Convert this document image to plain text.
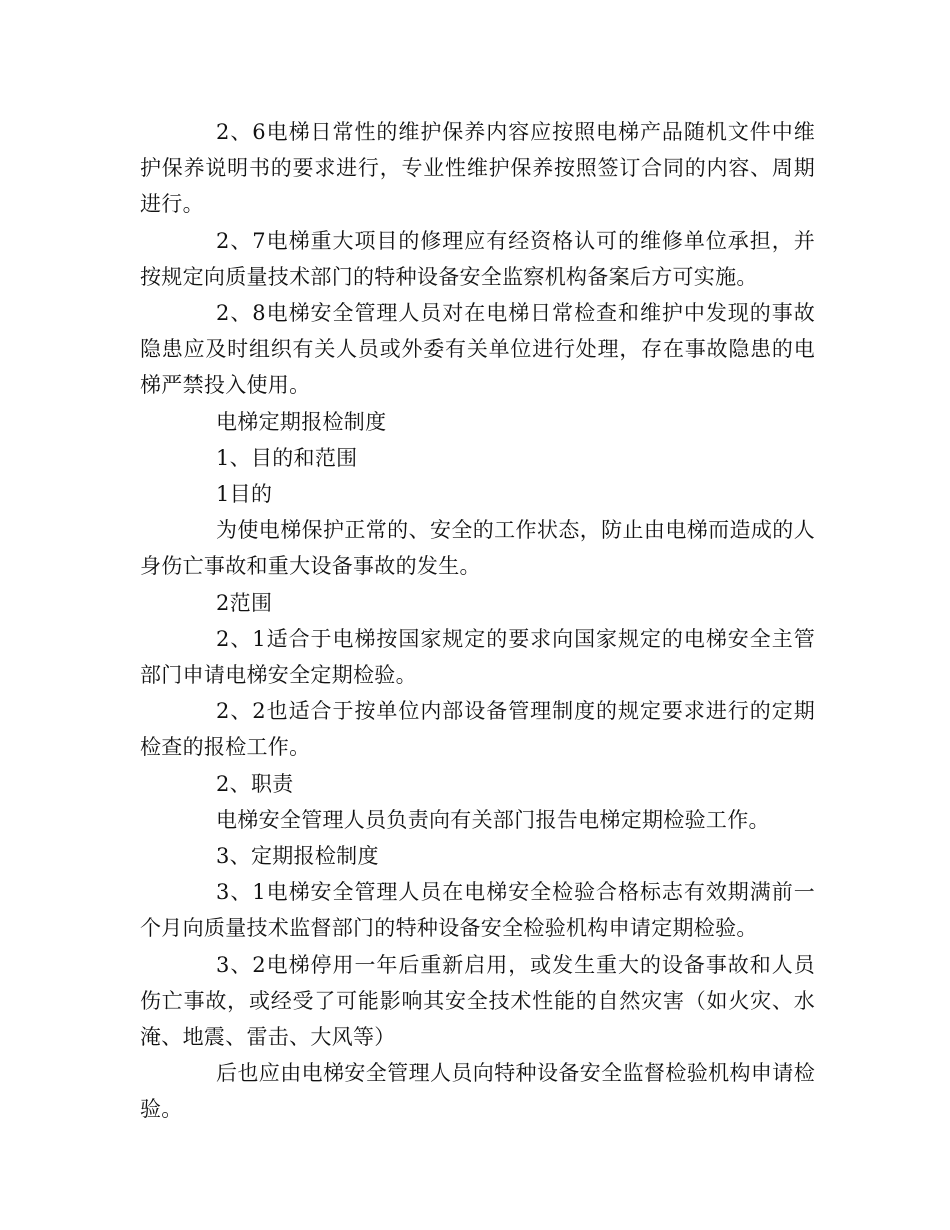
2、6电梯日常性的维护保养内容应按照电梯产品随机文件中维护保养说明书的要求进行，专业性维护保养按照签订合同的内容、周期进行。

2、7电梯重大项目的修理应有经资格认可的维修单位承担，并按规定向质量技术部门的特种设备安全监察机构备案后方可实施。

2、8电梯安全管理人员对在电梯日常检查和维护中发现的事故隐患应及时组织有关人员或外委有关单位进行处理，存在事故隐患的电梯严禁投入使用。

电梯定期报检制度

1、目的和范围

1目的

为使电梯保护正常的、安全的工作状态，防止由电梯而造成的人身伤亡事故和重大设备事故的发生。

2范围

2、1适合于电梯按国家规定的要求向国家规定的电梯安全主管部门申请电梯安全定期检验。

2、2也适合于按单位内部设备管理制度的规定要求进行的定期检查的报检工作。

2、职责

电梯安全管理人员负责向有关部门报告电梯定期检验工作。

3、定期报检制度

3、1电梯安全管理人员在电梯安全检验合格标志有效期满前一个月向质量技术监督部门的特种设备安全检验机构申请定期检验。

3、2电梯停用一年后重新启用，或发生重大的设备事故和人员伤亡事故，或经受了可能影响其安全技术性能的自然灾害（如火灾、水淹、地震、雷击、大风等）

后也应由电梯安全管理人员向特种设备安全监督检验机构申请检验。
